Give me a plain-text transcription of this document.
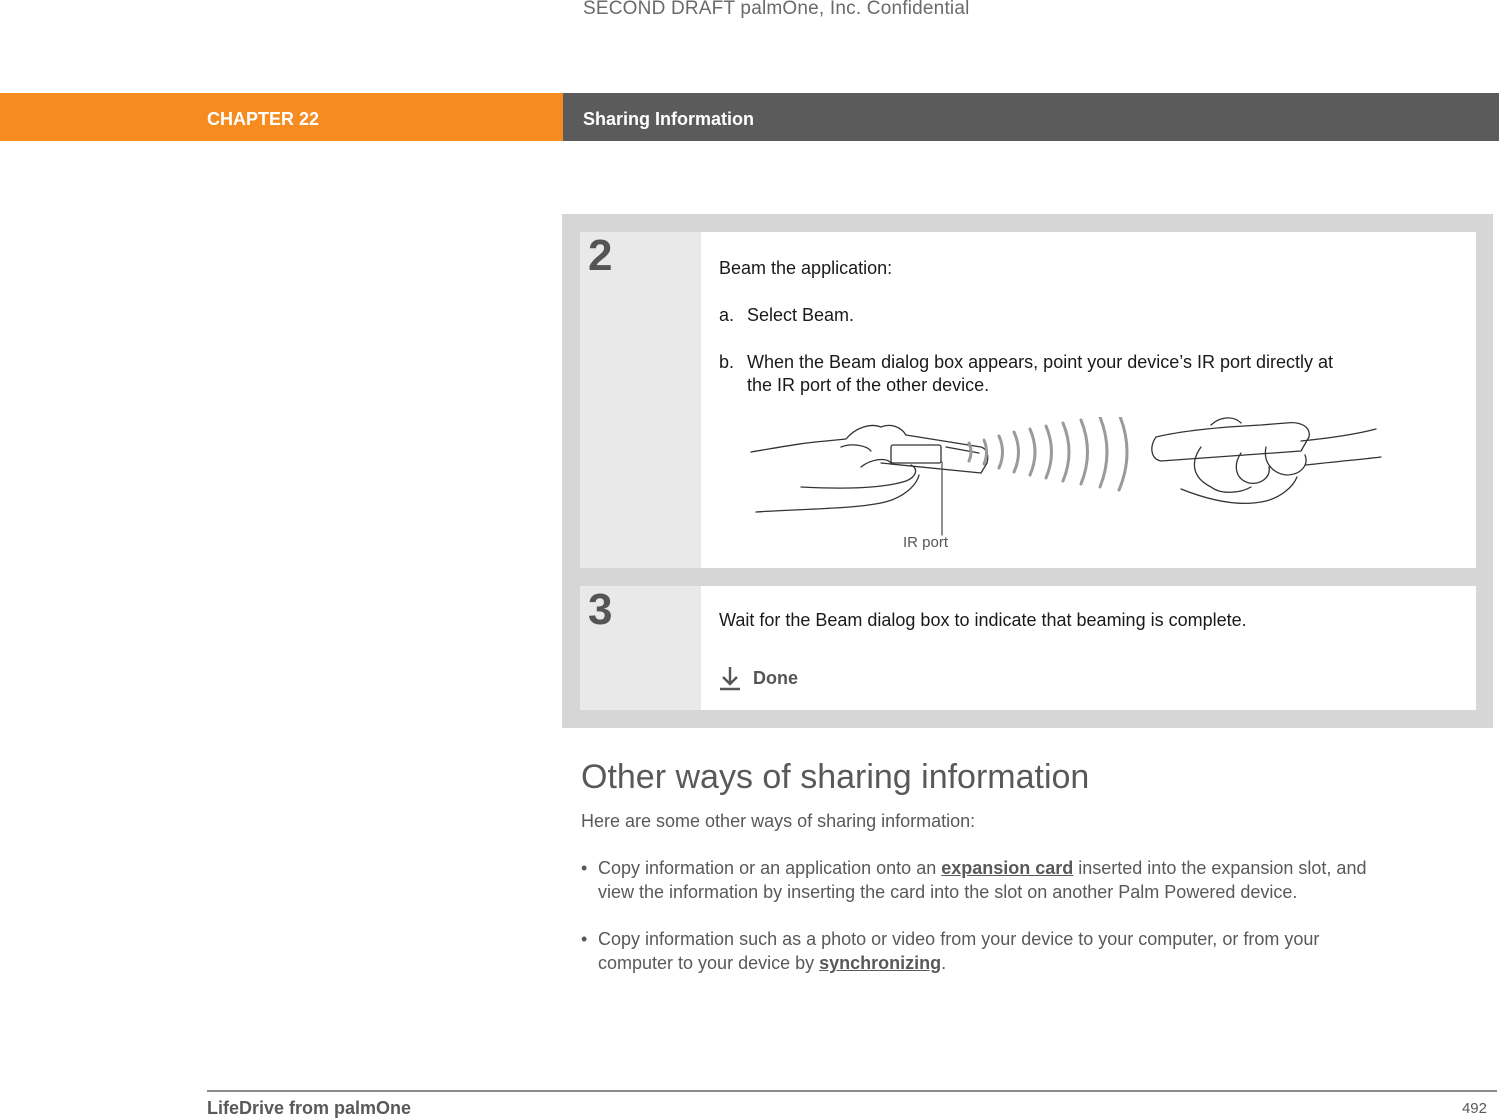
SECOND DRAFT palmOne, Inc. Confidential
CHAPTER 22	Sharing Information
2	Beam the application:
a. Select Beam.
b. When the Beam dialog box appears, point your device’s IR port directly at
the IR port of the other device.
IR port
3	Wait for the Beam dialog box to indicate that beaming is complete.
Done
Other ways of sharing information
Here are some other ways of sharing information:
• Copy information or an application onto an expansion card inserted into the expansion slot, and
view the information by inserting the card into the slot on another Palm Powered device.
• Copy information such as a photo or video from your device to your computer, or from your
computer to your device by synchronizing.
LifeDrive from palmOne	492
